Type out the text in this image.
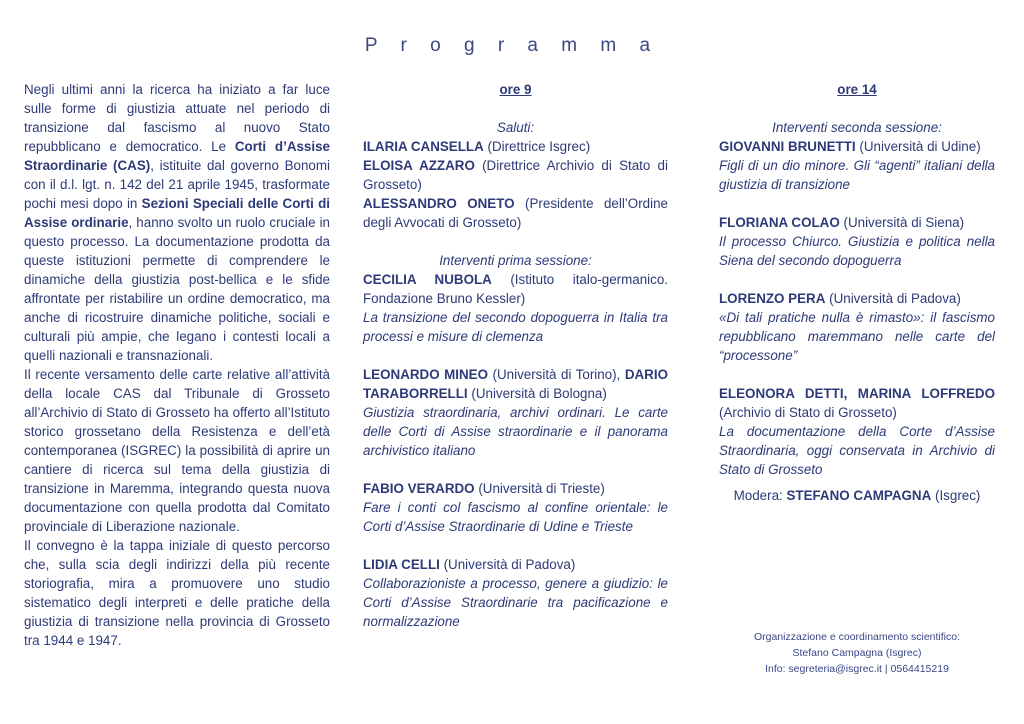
P r o g r a m m a

Negli ultimi anni la ricerca ha iniziato a far luce sulle forme di giustizia attuate nel periodo di transizione dal fascismo al nuovo Stato repubblicano e democratico. Le Corti d’Assise Straordinarie (CAS), istituite dal governo Bonomi con il d.l. lgt. n. 142 del 21 aprile 1945, trasformate pochi mesi dopo in Sezioni Speciali delle Corti di Assise ordinarie, hanno svolto un ruolo cruciale in questo processo. La documentazione prodotta da queste istituzioni permette di comprendere le dinamiche della giustizia post-bellica e le sfide affrontate per ristabilire un ordine democratico, ma anche di ricostruire dinamiche politiche, sociali e culturali più ampie, che legano i contesti locali a quelli nazionali e transnazionali.

Il recente versamento delle carte relative all’attività della locale CAS dal Tribunale di Grosseto all’Archivio di Stato di Grosseto ha offerto all’Istituto storico grossetano della Resistenza e dell’età contemporanea (ISGREC) la possibilità di aprire un cantiere di ricerca sul tema della giustizia di transizione in Maremma, integrando questa nuova documentazione con quella prodotta dal Comitato provinciale di Liberazione nazionale.

Il convegno è la tappa iniziale di questo percorso che, sulla scia degli indirizzi della più recente storiografia, mira a promuovere uno studio sistematico degli interpreti e delle pratiche della giustizia di transizione nella provincia di Grosseto tra 1944 e 1947.

ore 9

Saluti:

ILARIA CANSELLA (Direttrice Isgrec)

ELOISA AZZARO (Direttrice Archivio di Stato di Grosseto)

ALESSANDRO ONETO (Presidente dell’Ordine degli Avvocati di Grosseto)

Interventi prima sessione:

CECILIA NUBOLA (Istituto italo-germanico. Fondazione Bruno Kessler)

La transizione del secondo dopoguerra in Italia tra processi e misure di clemenza

LEONARDO MINEO (Università di Torino), DARIO TARABORRELLI (Università di Bologna)

Giustizia straordinaria, archivi ordinari. Le carte delle Corti di Assise straordinarie e il panorama archivistico italiano

FABIO VERARDO (Università di Trieste)

Fare i conti col fascismo al confine orientale: le Corti d’Assise Straordinarie di Udine e Trieste

LIDIA CELLI (Università di Padova)

Collaborazioniste a processo, genere a giudizio: le Corti d’Assise Straordinarie tra pacificazione e normalizzazione

ore 14

Interventi seconda sessione:

GIOVANNI BRUNETTI (Università di Udine)

Figli di un dio minore. Gli “agenti” italiani della giustizia di transizione

FLORIANA COLAO (Università di Siena)

Il processo Chiurco. Giustizia e politica nella Siena del secondo dopoguerra

LORENZO PERA (Università di Padova)

«Di tali pratiche nulla è rimasto»: il fascismo repubblicano maremmano nelle carte del “processone”

ELEONORA DETTI, MARINA LOFFREDO (Archivio di Stato di Grosseto)

La documentazione della Corte d’Assise Straordinaria, oggi conservata in Archivio di Stato di Grosseto

Modera: STEFANO CAMPAGNA (Isgrec)

Organizzazione e coordinamento scientifico:
Stefano Campagna (Isgrec)
Info: segreteria@isgrec.it | 0564415219
